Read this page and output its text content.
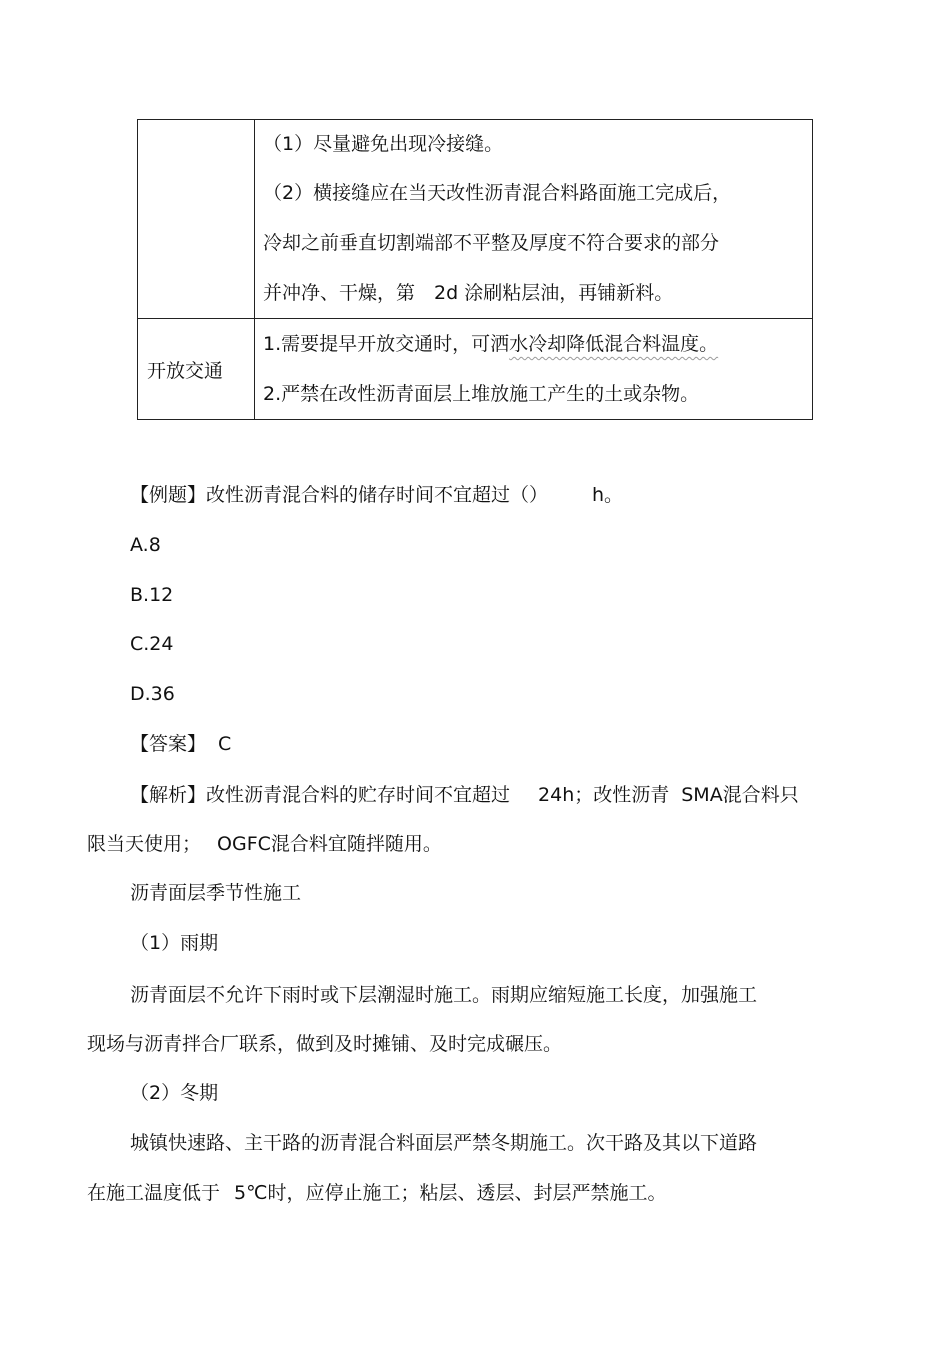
	（1）尽量避免出现冷接缝。
（2）横接缝应在当天改性沥青混合料路面施工完成后，
冷却之前垂直切割端部不平整及厚度不符合要求的部分
并冲净、干燥，第　2d 涂刷粘层油，再铺新料。

开放交通	1.需要提早开放交通时，可洒水冷却降低混合料温度。
2.严禁在改性沥青面层上堆放施工产生的土或杂物。
【例题】改性沥青混合料的储存时间不宜超过（） h。
A.8
B.12
C.24
D.36
【答案】 C
【解析】改性沥青混合料的贮存时间不宜超过 24h；改性沥青 SMA混合料只
限当天使用； OGFC混合料宜随拌随用。
沥青面层季节性施工
（1）雨期
沥青面层不允许下雨时或下层潮湿时施工。雨期应缩短施工长度，加强施工
现场与沥青拌合厂联系，做到及时摊铺、及时完成碾压。
（2）冬期
城镇快速路、主干路的沥青混合料面层严禁冬期施工。次干路及其以下道路
在施工温度低于 5℃时，应停止施工；粘层、透层、封层严禁施工。
